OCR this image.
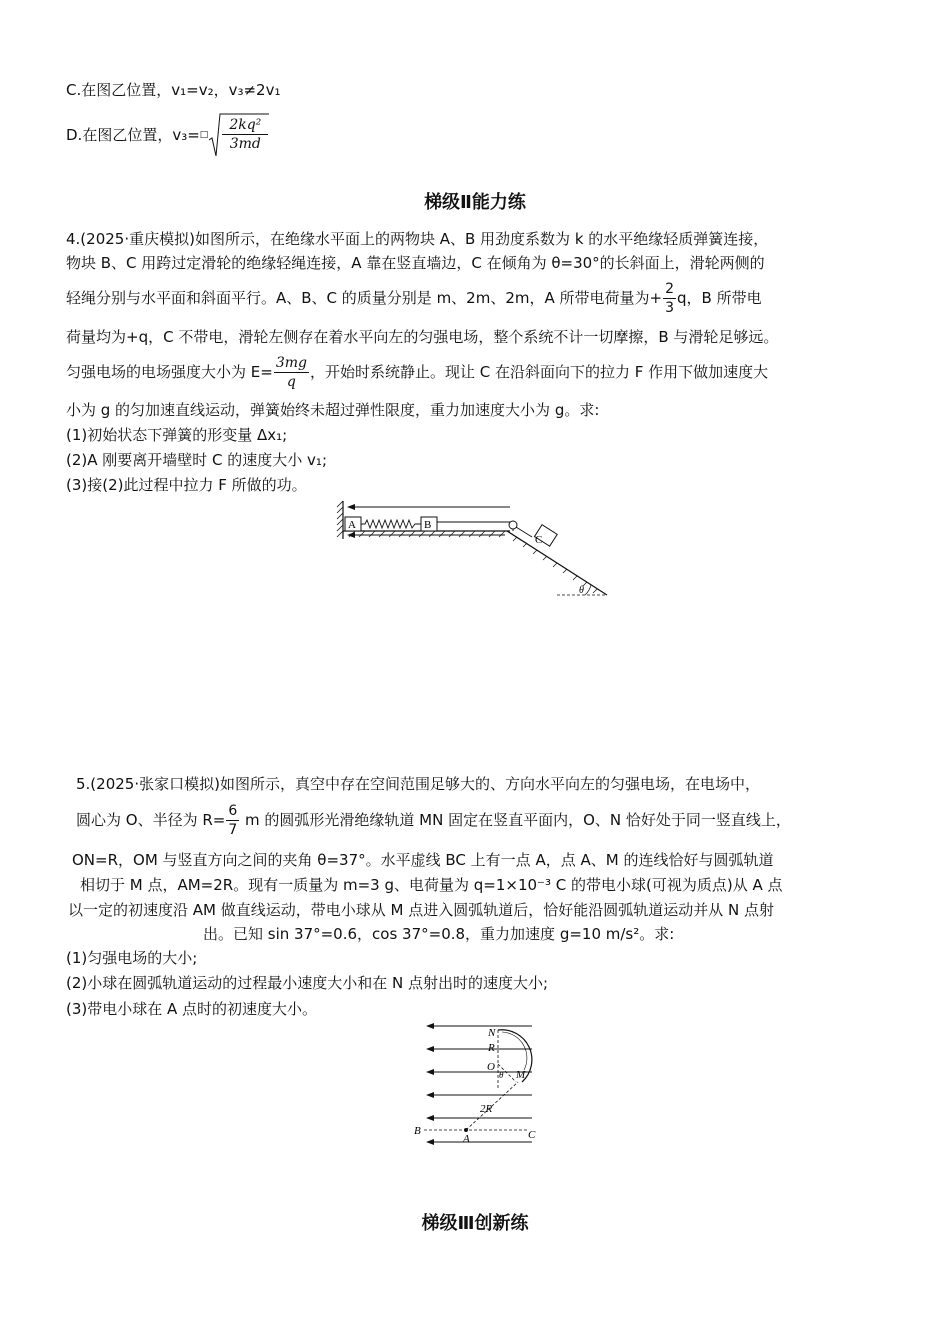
C.在图乙位置，v₁=v₂，v₃≠2v₁
D.在图乙位置，v₃=□ $\frac{\text{2kq²}}{3md}$
梯级Ⅱ能力练
4.(2025·重庆模拟)如图所示，在绝缘水平面上的两物块 A、B 用劲度系数为 k 的水平绝缘轻质弹簧连接，
物块 B、C 用跨过定滑轮的绝缘轻绳连接，A 靠在竖直墙边，C 在倾角为 θ=30°的长斜面上，滑轮两侧的
轻绳分别与水平面和斜面平行。A、B、C 的质量分别是 m、2m、2m，A 所带电荷量为+ $\frac{2}{3}$ q，B 所带电
荷量均为+q，C 不带电，滑轮左侧存在着水平向左的匀强电场，整个系统不计一切摩擦，B 与滑轮足够远。
匀强电场的电场强度大小为 $E= \frac{3mg}{q}$ ，开始时系统静止。现让 C 在沿斜面向下的拉力 F 作用下做加速度大
小为 g 的匀加速直线运动，弹簧始终未超过弹性限度，重力加速度大小为 g。求:
(1)初始状态下弹簧的形变量 Δx₁;
(2)A 刚要离开墙壁时 C 的速度大小 v₁;
(3)接(2)此过程中拉力 F 所做的功。
θ
A	B
C
5.(2025·张家口模拟)如图所示，真空中存在空间范围足够大的、方向水平向左的匀强电场，在电场中，
圆心为 O、半径为 $R= \frac{6}{7}$ m 的圆弧形光滑绝缘轨道 MN 固定在竖直平面内，O、N 恰好处于同一竖直线上，
ON=R，OM 与竖直方向之间的夹角 θ=37°。水平虚线 BC 上有一点 A，点 A、M 的连线恰好与圆弧轨道
相切于 M 点，AM=2R。现有一质量为 m=3 g、电荷量为 q=1×10⁻³ C 的带电小球(可视为质点)从 A 点
以一定的初速度沿 AM 做直线运动，带电小球从 M 点进入圆弧轨道后，恰好能沿圆弧轨道运动并从 N 点射
出。已知 sin 37°=0.6，cos 37°=0.8，重力加速度 g=10 m/s²。求:
(1)匀强电场的大小;
(2)小球在圆弧轨道运动的过程最小速度大小和在 N 点射出时的速度大小;
(3)带电小球在 A 点时的初速度大小。
N
R
O
θ M
2R
B
A	C
梯级Ⅲ创新练
